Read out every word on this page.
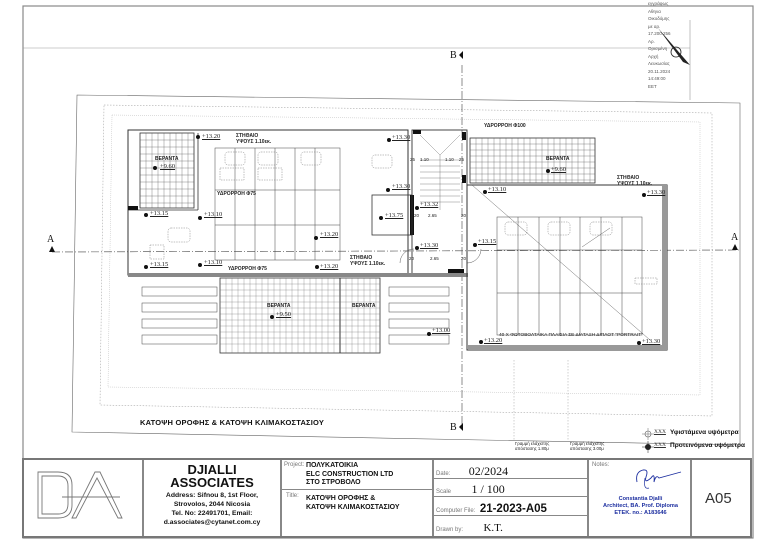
εγγράφως
Αθηνα
Οικοδόμης
με αρ.
17.200.256
Αρ.
Ορισμένη
Αρχή
Λευκωσίας
20.11.2024
14:49:00
EET
B
B
A	A
ΒΕΡΑΝΤΑ	ΒΕΡΑΝΤΑ
ΒΕΡΑΝΤΑ	ΒΕΡΑΝΤΑ
ΣΤΗΘΑΙΟ
ΥΨΟΥΣ 1.10εκ.
ΣΤΗΘΑΙΟ
ΥΨΟΥΣ 1.10εκ.
ΣΤΗΘΑΙΟ
ΥΨΟΥΣ 1.10εκ.
ΥΔΡΟΡΡΟΗ Φ100
ΥΔΡΟΡΡΟΗ Φ75
ΥΔΡΟΡΡΟΗ Φ75
40 Χ ΦΩΤΟΒΟΛΤΑΙΚΑ ΠΛΑΙΣΙΑ ΣΕ ΔΙΑΤΑΞΗ ΔΙΠΛΟΤ "PORTRAIT"
+9.60	+9.60
+9.50
+13.20	+13.30
+13.15	+13.10
+13.15	+13.10
+13.20
+13.20
+13.30
+13.75
+13.32
+13.30
+13.10
+13.15
+13.30
+13.00
+13.20	+13.30
25 1.10	1.10 25
20 2.65	20
20	2.65	20
ΚΑΤΟΨΗ ΟΡΟΦΗΣ & ΚΑΤΟΨΗ ΚΛΙΜΑΚΟΣΤΑΣΙΟΥ
Γραμμή ελάχιστης
απόστασης 1.80μ
Γραμμή ελάχιστης
απόστασης 3.00μ
XXX Υφιστάμενα υψόμετρα
XXX Προτεινόμενα υψόμετρα
DJIALLI
ASSOCIATES
Address: Sifnou 8, 1st Floor,
Strovolos, 2044 Nicosia
Tel. No: 22491701, Email:
d.associates@cytanet.com.cy
Project: ΠΟΛΥΚΑΤΟΙΚΙΑ
ELC CONSTRUCTION LTD
ΣΤΟ ΣΤΡΟΒΟΛΟ
Title: ΚΑΤΟΨΗ ΟΡΟΦΗΣ &
ΚΑΤΟΨΗ ΚΛΙΜΑΚΟΣΤΑΣΙΟΥ
Date: 02/2024
Scale 1 / 100
Computer File: 21-2023-A05
Drawn by: K.T.
Notes:
Constantia Djalli
Architect, BA. Prof. Diploma
ETEK. no.: A183646
A05
